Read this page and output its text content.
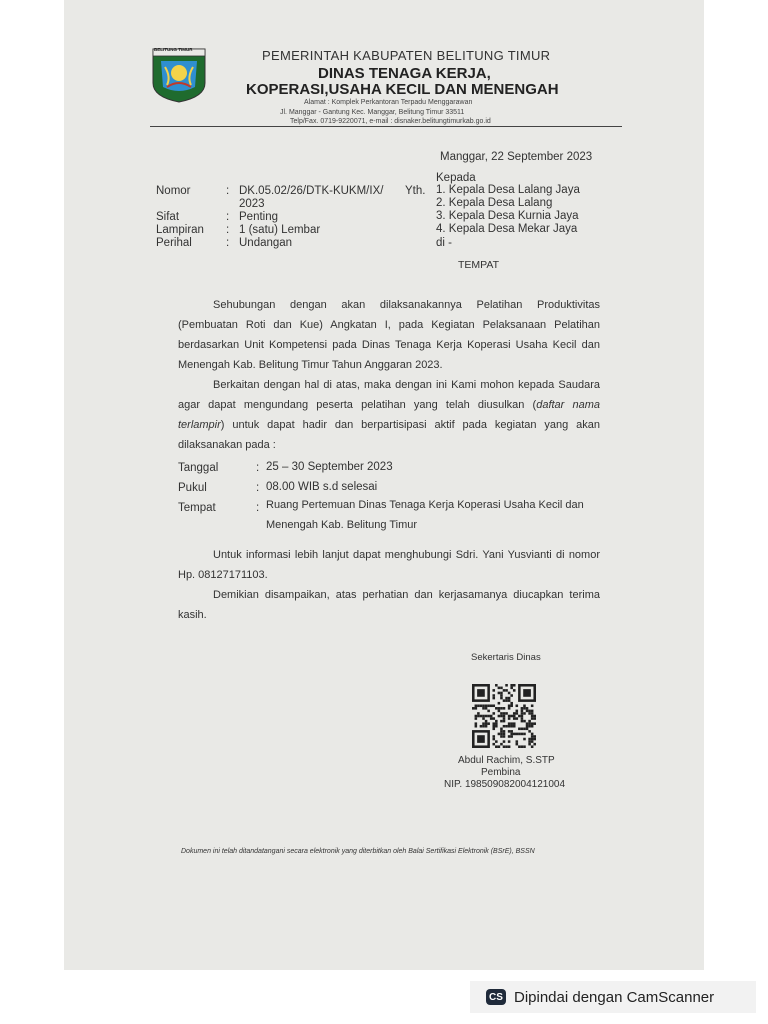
BELITUNG TIMUR	PEMERINTAH KABUPATEN BELITUNG TIMUR
DINAS TENAGA KERJA,
KOPERASI,USAHA KECIL DAN MENENGAH
Alamat : Komplek Perkantoran Terpadu Menggarawan
Jl. Manggar - Gantung Kec. Manggar, Belitung Timur 33511
Telp/Fax. 0719-9220071, e-mail : disnaker.belitungtimurkab.go.id
Manggar, 22 September 2023
Nomor	: DK.05.02/26/DTK-KUKM/IX/
2023
Sifat	: Penting
Lampiran : 1 (satu) Lembar
Perihal	: Undangan
Kepada
Yth. 1. Kepala Desa Lalang Jaya
2. Kepala Desa Lalang
3. Kepala Desa Kurnia Jaya
4. Kepala Desa Mekar Jaya
di -
TEMPAT
Sehubungan dengan akan dilaksanakannya Pelatihan Produktivitas (Pembuatan Roti dan Kue) Angkatan I, pada Kegiatan Pelaksanaan Pelatihan berdasarkan Unit Kompetensi pada Dinas Tenaga Kerja Koperasi Usaha Kecil dan Menengah Kab. Belitung Timur Tahun Anggaran 2023.
Berkaitan dengan hal di atas, maka dengan ini Kami mohon kepada Saudara agar dapat mengundang peserta pelatihan yang telah diusulkan (daftar nama terlampir) untuk dapat hadir dan berpartisipasi aktif pada kegiatan yang akan dilaksanakan pada :
Tanggal	: 25 – 30 September 2023
Pukul	: 08.00 WIB s.d selesai
Tempat	: Ruang Pertemuan Dinas Tenaga Kerja Koperasi Usaha Kecil dan
Menengah Kab. Belitung Timur
Untuk informasi lebih lanjut dapat menghubungi Sdri. Yani Yusvianti di nomor Hp. 08127171103.
Demikian disampaikan, atas perhatian dan kerjasamanya diucapkan terima kasih.
Sekertaris Dinas
Abdul Rachim, S.STP
Pembina
NIP. 198509082004121004
Dokumen ini telah ditandatangani secara elektronik yang diterbitkan oleh Balai Sertifikasi Elektronik (BSrE), BSSN
CS Dipindai dengan CamScanner
